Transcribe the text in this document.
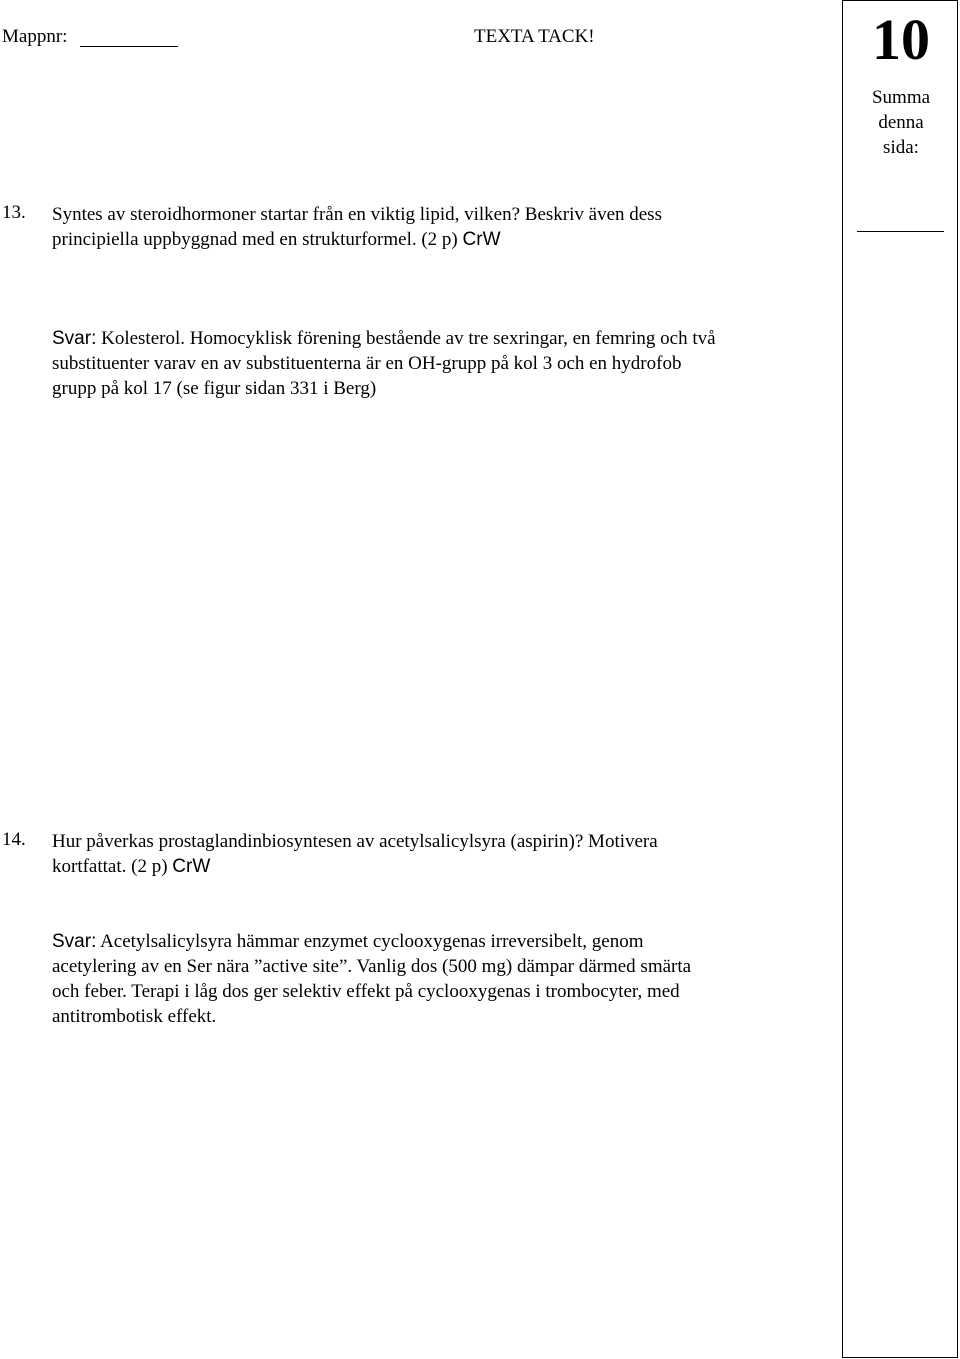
Mappnr:	TEXTA TACK!	10
Summa
denna
sida:
13. Syntes av steroidhormoner startar från en viktig lipid, vilken? Beskriv även dess
principiella uppbyggnad med en strukturformel. (2 p) CrW
Svar: Kolesterol. Homocyklisk förening bestående av tre sexringar, en femring och två
substituenter varav en av substituenterna är en OH-grupp på kol 3 och en hydrofob
grupp på kol 17 (se figur sidan 331 i Berg)
14. Hur påverkas prostaglandinbiosyntesen av acetylsalicylsyra (aspirin)? Motivera
kortfattat. (2 p) CrW
Svar: Acetylsalicylsyra hämmar enzymet cyclooxygenas irreversibelt, genom
acetylering av en Ser nära ”active site”. Vanlig dos (500 mg) dämpar därmed smärta
och feber. Terapi i låg dos ger selektiv effekt på cyclooxygenas i trombocyter, med
antitrombotisk effekt.
